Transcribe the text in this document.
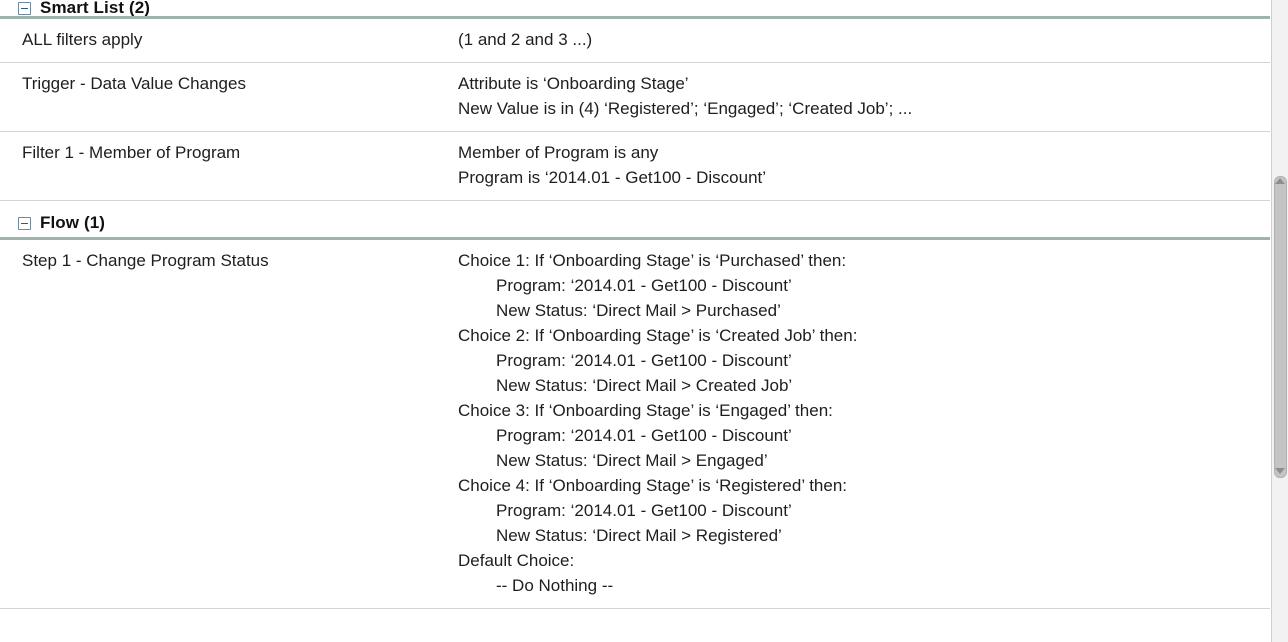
Smart List (2)
ALL filters apply	(1 and 2 and 3 ...)

Trigger - Data Value Changes	Attribute is ‘Onboarding Stage’
New Value is in (4) ‘Registered’; ‘Engaged’; ‘Created Job’; ...

Filter 1 - Member of Program	Member of Program is any
Program is ‘2014.01 - Get100 - Discount’
Flow (1)
Step 1 - Change Program Status	Choice 1: If ‘Onboarding Stage’ is ‘Purchased’ then:
Program: ‘2014.01 - Get100 - Discount’
New Status: ‘Direct Mail > Purchased’
Choice 2: If ‘Onboarding Stage’ is ‘Created Job’ then:
Program: ‘2014.01 - Get100 - Discount’
New Status: ‘Direct Mail > Created Job’
Choice 3: If ‘Onboarding Stage’ is ‘Engaged’ then:
Program: ‘2014.01 - Get100 - Discount’
New Status: ‘Direct Mail > Engaged’
Choice 4: If ‘Onboarding Stage’ is ‘Registered’ then:
Program: ‘2014.01 - Get100 - Discount’
New Status: ‘Direct Mail > Registered’
Default Choice:
-- Do Nothing --
